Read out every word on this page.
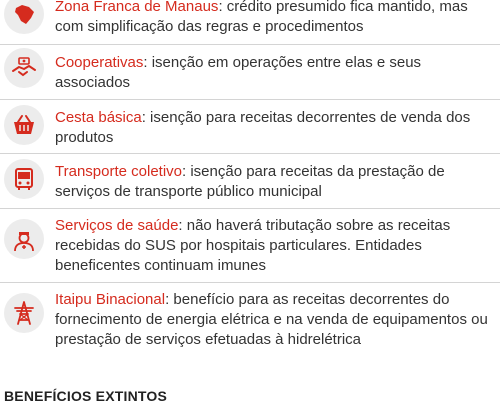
Zona Franca de Manaus: crédito presumido fica mantido, mas com simplificação das regras e procedimentos
Cooperativas: isenção em operações entre elas e seus associados
Cesta básica: isenção para receitas decorrentes de venda dos produtos
Transporte coletivo: isenção para receitas da prestação de serviços de transporte público municipal
Serviços de saúde: não haverá tributação sobre as receitas recebidas do SUS por hospitais particulares. Entidades beneficentes continuam imunes
Itaipu Binacional: benefício para as receitas decorrentes do fornecimento de energia elétrica e na venda de equipamentos ou prestação de serviços efetuadas à hidrelétrica
BENEFÍCIOS EXTINTOS
